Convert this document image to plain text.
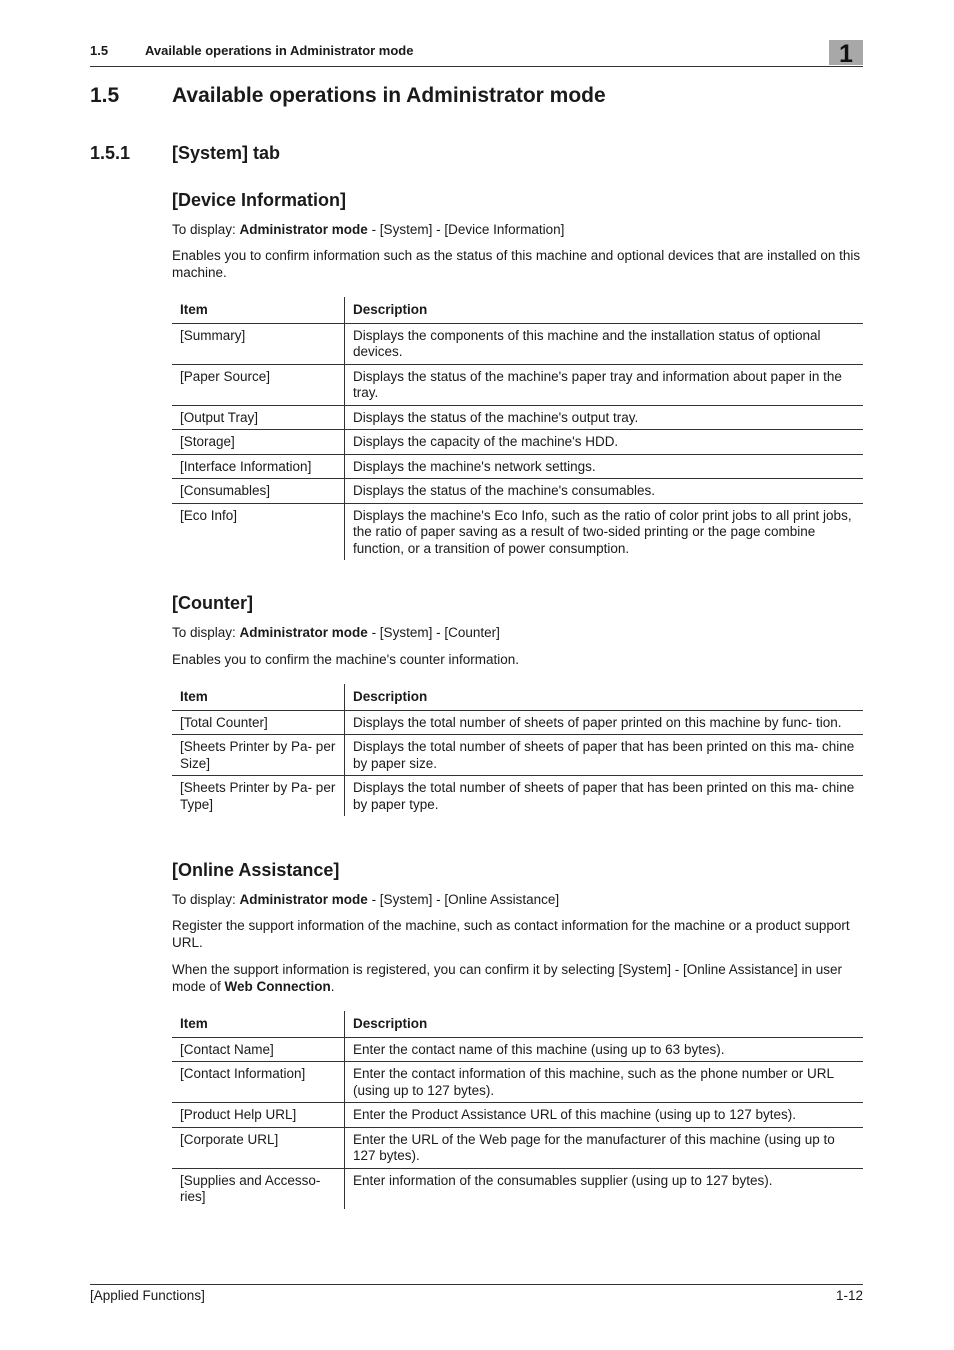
1.5	Available operations in Administrator mode	1
1.5	Available operations in Administrator mode
1.5.1 [System] tab
[Device Information]

To display: Administrator mode - [System] - [Device Information]

Enables you to confirm information such as the status of this machine and optional devices that are installed on this machine.

Item	Description
[Summary]	Displays the components of this machine and the installation status of optional devices.
[Paper Source]	Displays the status of the machine's paper tray and information about paper in the tray.
[Output Tray]	Displays the status of the machine's output tray.
[Storage]	Displays the capacity of the machine's HDD.
[Interface Information]	Displays the machine's network settings.
[Consumables]	Displays the status of the machine's consumables.
[Eco Info]	Displays the machine's Eco Info, such as the ratio of color print jobs to all print jobs, the ratio of paper saving as a result of two-sided printing or the page combine function, or a transition of power consumption.
[Counter]

To display: Administrator mode - [System] - [Counter]

Enables you to confirm the machine's counter information.

Item	Description
[Total Counter]	Displays the total number of sheets of paper printed on this machine by func- tion.
[Sheets Printer by Pa- per Size]	Displays the total number of sheets of paper that has been printed on this ma- chine by paper size.
[Sheets Printer by Pa- per Type]	Displays the total number of sheets of paper that has been printed on this ma- chine by paper type.
[Online Assistance]

To display: Administrator mode - [System] - [Online Assistance]

Register the support information of the machine, such as contact information for the machine or a product support URL.

When the support information is registered, you can confirm it by selecting [System] - [Online Assistance] in user mode of Web Connection.

Item	Description
[Contact Name]	Enter the contact name of this machine (using up to 63 bytes).
[Contact Information]	Enter the contact information of this machine, such as the phone number or URL (using up to 127 bytes).
[Product Help URL]	Enter the Product Assistance URL of this machine (using up to 127 bytes).
[Corporate URL]	Enter the URL of the Web page for the manufacturer of this machine (using up to 127 bytes).
[Supplies and Accesso- ries]	Enter information of the consumables supplier (using up to 127 bytes).
[Applied Functions]	1-12
